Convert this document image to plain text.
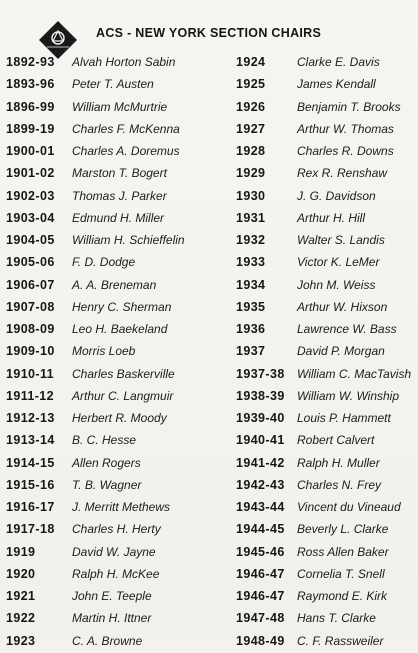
ACS - NEW YORK SECTION CHAIRS
1892-93 Alvah Horton Sabin
1893-96 Peter T. Austen
1896-99 William McMurtrie
1899-19 Charles F. McKenna
1900-01 Charles A. Doremus
1901-02 Marston T. Bogert
1902-03 Thomas J. Parker
1903-04 Edmund H. Miller
1904-05 William H. Schieffelin
1905-06 F. D. Dodge
1906-07 A. A. Breneman
1907-08 Henry C. Sherman
1908-09 Leo H. Baekeland
1909-10 Morris Loeb
1910-11 Charles Baskerville
1911-12 Arthur C. Langmuir
1912-13 Herbert R. Moody
1913-14 B. C. Hesse
1914-15 Allen Rogers
1915-16 T. B. Wagner
1916-17 J. Merritt Methews
1917-18 Charles H. Herty
1919	David W. Jayne
1920	Ralph H. McKee
1921	John E. Teeple
1922	Martin H. Ittner
1923	C. A. Browne
1924	Clarke E. Davis
1925	James Kendall
1926	Benjamin T. Brooks
1927	Arthur W. Thomas
1928	Charles R. Downs
1929	Rex R. Renshaw
1930	J. G. Davidson
1931	Arthur H. Hill
1932	Walter S. Landis
1933	Victor K. LeMer
1934	John M. Weiss
1935	Arthur W. Hixson
1936	Lawrence W. Bass
1937	David P. Morgan
1937-38 William C. MacTavish
1938-39 William W. Winship
1939-40 Louis P. Hammett
1940-41 Robert Calvert
1941-42 Ralph H. Muller
1942-43 Charles N. Frey
1943-44 Vincent du Vineaud
1944-45 Beverly L. Clarke
1945-46 Ross Allen Baker
1946-47 Cornelia T. Snell
1946-47 Raymond E. Kirk
1947-48 Hans T. Clarke
1948-49 C. F. Rassweiler
